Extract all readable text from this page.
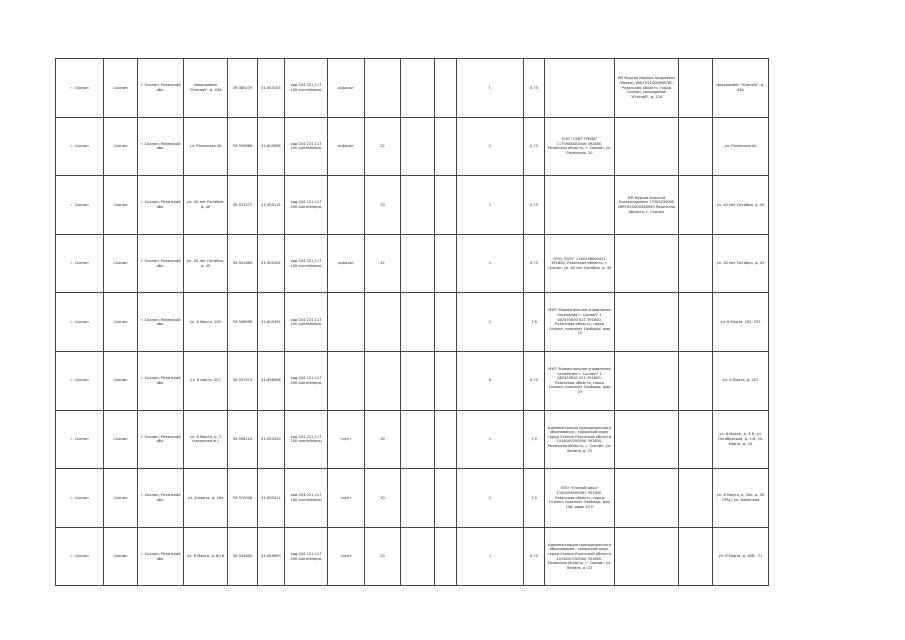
г. Скопин	Скопин	г. Скопин, Рязанской обл.	микрорайон "Южный", д. 43А	39.385279	41.653103	код 204 221 117 100 контейнеры	асфальт				7,	0,75		ИП Фурсов Кирилл Андреевич (Ромка), ИНН 621400998780, Рязанская область, город Скопин, микрорайон "Южный", д. 12А		микрорайон "Южный", д. 43А
г. Скопин	Скопин	г. Скопин, Рязанской обл.	ул. Рязанская 40	39.339886	41.603098	код 204 221 117 100 контейнеры	асфальт	22			1	0,75	ООО "СЕВТ ТРЕЙД" 1175958000446 391800, Рязанская область, г. Скопин, ул. Рязанская, 20			ул. Рязанская 40
г. Скопин	Скопин	г. Скопин, Рязанской обл.	ул. 40 лет Октября, д. 49	39.353272	41.900115	код 204 221 117 100 контейнеры		23			1	0,75		ИП Фурсов Алексей Александрович 17350039000 ИНН 620400356940 Рязанская область, г. Скопин		ул. 40 лет Октября, д. 49
г. Скопин	Скопин	г. Скопин, Рязанской обл.	ул. 40 лет Октября, д. 49	39.352669	41.900104	код 204 221 117 100 контейнеры	асфальт	22			1	0,75	ООО "ООО" 1160258000411 391800, Рязанская область, г. Скопин, ул. 40 лет Октября, д. 49			ул. 40 лет Октября, д. 49
г. Скопин	Скопин	г. Скопин, Рязанской обл.	ул. 8 Марта, 205	39.348998	41.600451	код 204 221 117 100 контейнеры					1	7,6	МУП "Коммунальное управление поселения г. Скопин" 1 087453000 021 391800, Рязанская область, город Скопин, проспект Свободы, дом 19			ул. 8 Марта, 205, 207
г. Скопин	Скопин	г. Скопин, Рязанской обл.	ул. 8 марта, 207	39.357973	41.698508	код 204 221 117 100 контейнеры					6	0,75	МУП "Коммунальное управление поселения г. Скопин" 1 087453000 021 391800, Рязанская область, город Скопин, проспект Свободы, дом 19			ул. 8 Марта, д. 207
г. Скопин	Скопин	г. Скопин, Рязанской обл.	ул. 8 Марта, д. 2 (гаражная ж.)	39.398114	41.650520	код 204 221 117 100 контейнеры	грунт	30			1	7,0	Администрация муниципального образования - городской округ город Скопин Рязанской области 1026200700000 391800, Рязанская область, г. Скопин, ул. Ленина, д. 22			ул. 8 Марта, д. 3-6, ул. Октябрьская, д. 1-6, ул. Марта, д. 20
г. Скопин	Скопин	г. Скопин, Рязанской обл.	ул. 8 марта, д. 26а	39.370008	41.690411	код 204 221 117 100 контейнеры	грунт	30			1	7,0	ООО "Южный двор" 1160258000081 391800, Рязанская область, город Скопин, проспект Свободы, дом 106, офис 10 Н			ул. 8 Марта, д. 26а, д. 35 (ТРЦ), ул. Каменная
г. Скопин	Скопин	г. Скопин, Рязанской обл.	ул. 8 Марта, д. 60 б	39.334602	41.659699	код 204 221 117 100 контейнеры	грунт	20			1	0,75	Администрация муниципального образования - городской округ город Скопин Рязанской области 1026200700000 391800, Рязанская область, г. Скопин, ул. Ленина, д. 22			ул. 8 Марта, д. 60б - 71
